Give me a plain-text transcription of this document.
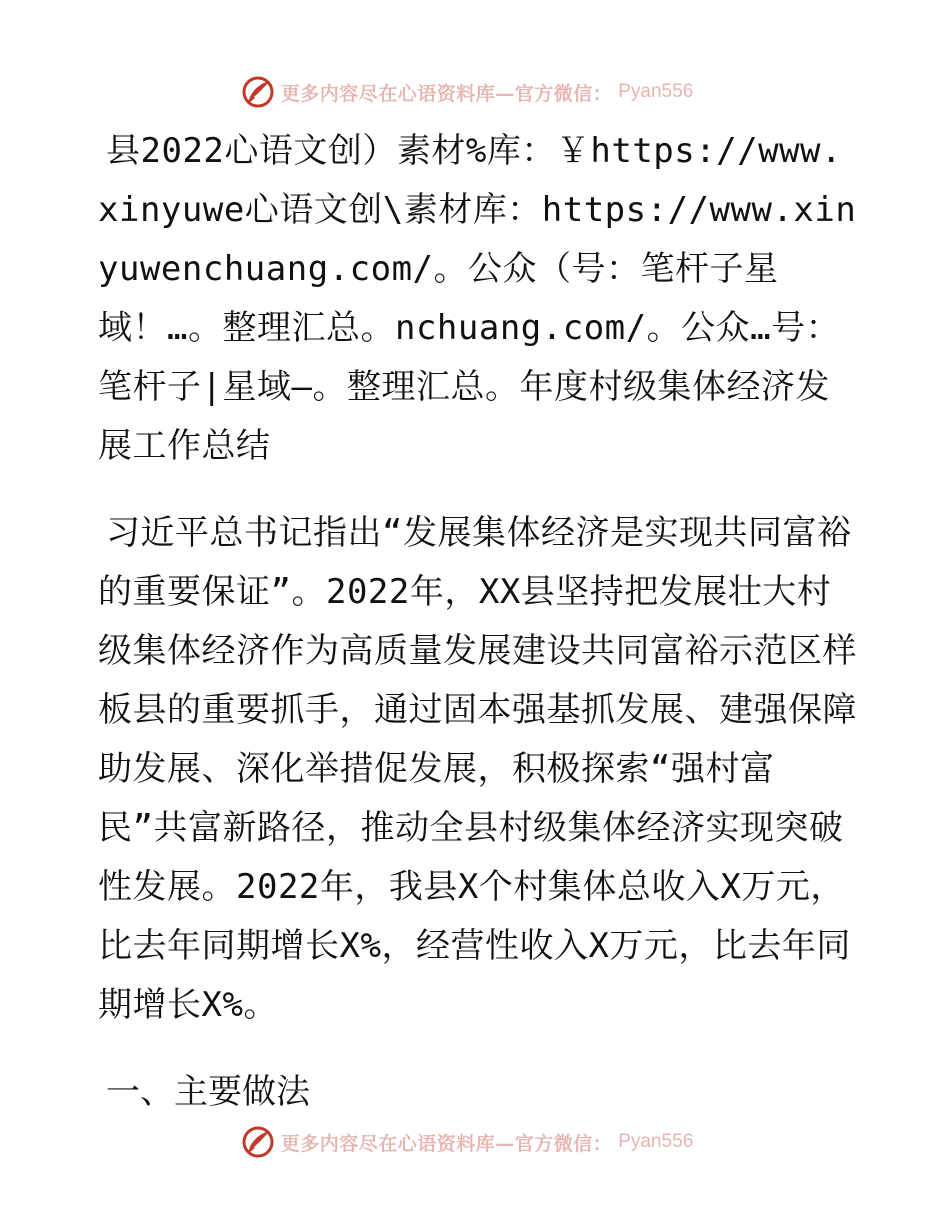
更多内容尽在心语资料库—官方微信： Pyan556

县2022心语文创）素材%库：￥https://www.xinyuwe心语文创\素材库：https://www.xinyuwenchuang.com/。公众（号：笔杆子星域！…。整理汇总。nchuang.com/。公众…号：笔杆子|星域—。整理汇总。年度村级集体经济发展工作总结

习近平总书记指出“发展集体经济是实现共同富裕的重要保证”。2022年，XX县坚持把发展壮大村级集体经济作为高质量发展建设共同富裕示范区样板县的重要抓手，通过固本强基抓发展、建强保障助发展、深化举措促发展，积极探索“强村富民”共富新路径，推动全县村级集体经济实现突破性发展。2022年，我县X个村集体总收入X万元，比去年同期增长X%，经营性收入X万元，比去年同期增长X%。

一、主要做法

更多内容尽在心语资料库—官方微信： Pyan556
